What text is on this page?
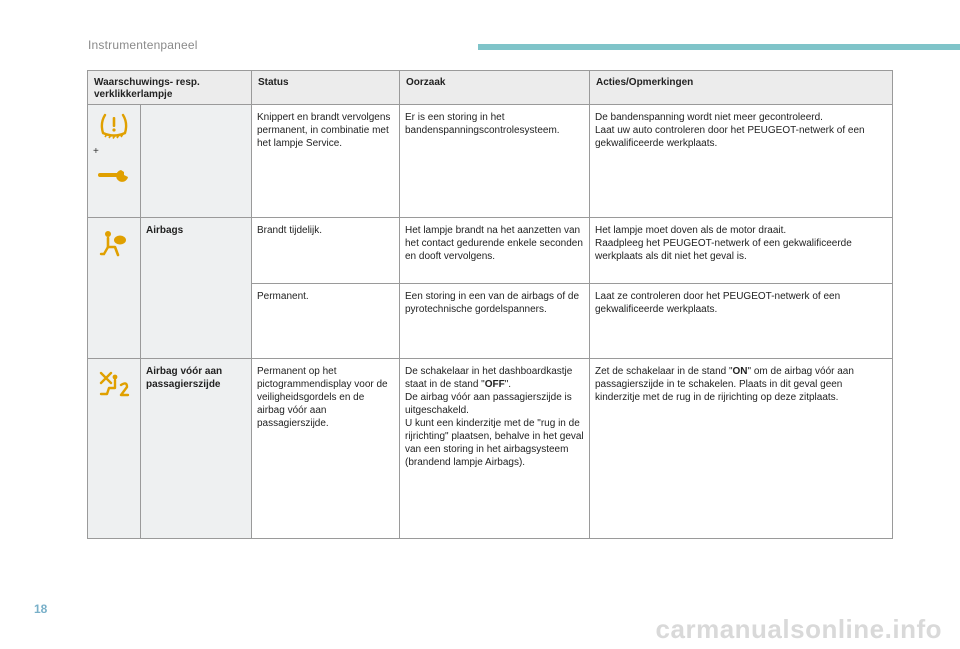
Instrumentenpaneel
Waarschuwings- resp. verklikkerlampje		Status	Oorzaak	Acties/Opmerkingen

+		Knippert en brandt vervolgens permanent, in combinatie met het lampje Service.	Er is een storing in het bandenspanningscontrolesysteem.	De bandenspanning wordt niet meer gecontroleerd.
Laat uw auto controleren door het PEUGEOT-netwerk of een gekwalificeerde werkplaats.

	Airbags	Brandt tijdelijk.	Het lampje brandt na het aanzetten van het contact gedurende enkele seconden en dooft vervolgens.	Het lampje moet doven als de motor draait.
Raadpleeg het PEUGEOT-netwerk of een gekwalificeerde werkplaats als dit niet het geval is.

		Permanent.	Een storing in een van de airbags of de pyrotechnische gordelspanners.	Laat ze controleren door het PEUGEOT-netwerk of een gekwalificeerde werkplaats.

	Airbag vóór aan passagierszijde	Permanent op het pictogrammendisplay voor de veiligheidsgordels en de airbag vóór aan passagierszijde.	De schakelaar in het dashboardkastje staat in de stand "OFF".
De airbag vóór aan passagierszijde is uitgeschakeld.
U kunt een kinderzitje met de "rug in de rijrichting" plaatsen, behalve in het geval van een storing in het airbagsysteem (brandend lampje Airbags).	Zet de schakelaar in de stand "ON" om de airbag vóór aan passagierszijde in te schakelen. Plaats in dit geval geen kinderzitje met de rug in de rijrichting op deze zitplaats.
18
carmanualsonline.info
